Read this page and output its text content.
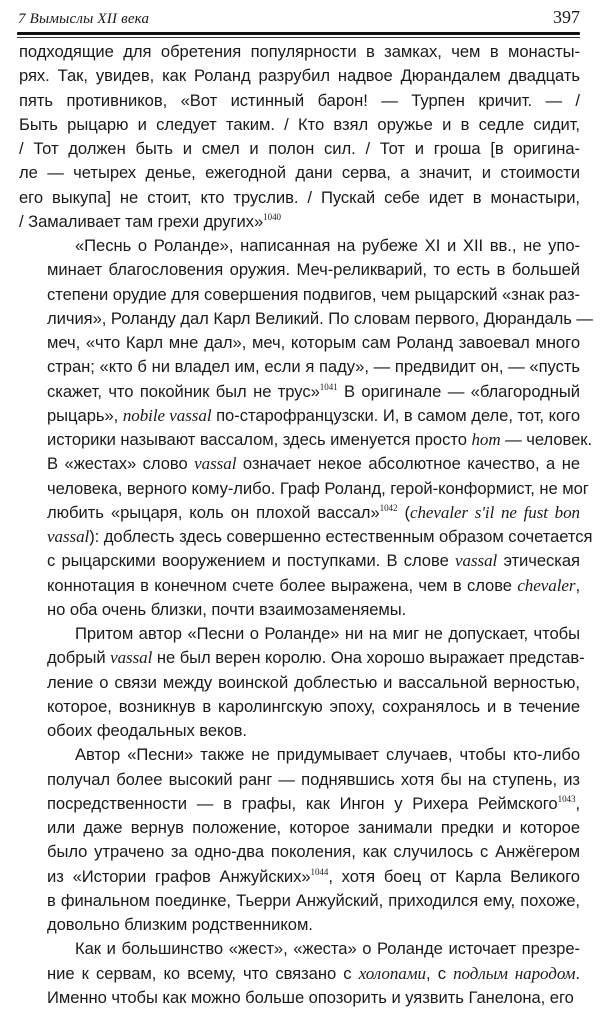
7 Вымыслы XII века	397
подходящие для обретения популярности в замках, чем в монасты-
рях. Так, увидев, как Роланд разрубил надвое Дюрандалем двадцать
пять противников, «Вот истинный барон! — Турпен кричит. — /
Быть рыцарю и следует таким. / Кто взял оружье и в седле сидит,
/ Тот должен быть и смел и полон сил. / Тот и гроша [в оригина-
ле — четырех денье, ежегодной дани серва, а значит, и стоимости
его выкупа] не стоит, кто труслив. / Пускай себе идет в монастыри,
/ Замаливает там грехи других»$^{1040}$
«Песнь о Роланде», написанная на рубеже XI и XII вв., не упо-
минает благословения оружия. Меч-реликварий, то есть в большей
степени орудие для совершения подвигов, чем рыцарский «знак раз-
личия», Роланду дал Карл Великий. По словам первого, Дюрандаль —
меч, «что Карл мне дал», меч, которым сам Роланд завоевал много
стран; «кто б ни владел им, если я паду», — предвидит он, — «пусть
скажет, что покойник был не трус»$^{1041}$ В оригинале — «благородный
рыцарь», nobile vassal по-старофранцузски. И, в самом деле, тот, кого
историки называют вассалом, здесь именуется просто hom — человек.
В «жестах» слово vassal означает некое абсолютное качество, а не
человека, верного кому-либо. Граф Роланд, герой-конформист, не мог
любить «рыцаря, коль он плохой вассал»$^{1042}$ (chevaler s'il ne fust bon
vassal): доблесть здесь совершенно естественным образом сочетается
с рыцарскими вооружением и поступками. В слове vassal этическая
коннотация в конечном счете более выражена, чем в слове chevaler,
но оба очень близки, почти взаимозаменяемы.
Притом автор «Песни о Роланде» ни на миг не допускает, чтобы
добрый vassal не был верен королю. Она хорошо выражает представ-
ление о связи между воинской доблестью и вассальной верностью,
которое, возникнув в каролингскую эпоху, сохранялось и в течение
обоих феодальных веков.
Автор «Песни» также не придумывает случаев, чтобы кто-либо
получал более высокий ранг — поднявшись хотя бы на ступень, из
посредственности — в графы, как Ингон у Рихера Реймского$^{1043}$,
или даже вернув положение, которое занимали предки и которое
было утрачено за одно-два поколения, как случилось с Анжёгером
из «Истории графов Анжуйских»$^{1044}$, хотя боец от Карла Великого
в финальном поединке, Тьерри Анжуйский, приходился ему, похоже,
довольно близким родственником.
Как и большинство «жест», «жеста» о Роланде источает презре-
ние к сервам, ко всему, что связано с холопами, с подлым народом.
Именно чтобы как можно больше опозорить и уязвить Ганелона, его
